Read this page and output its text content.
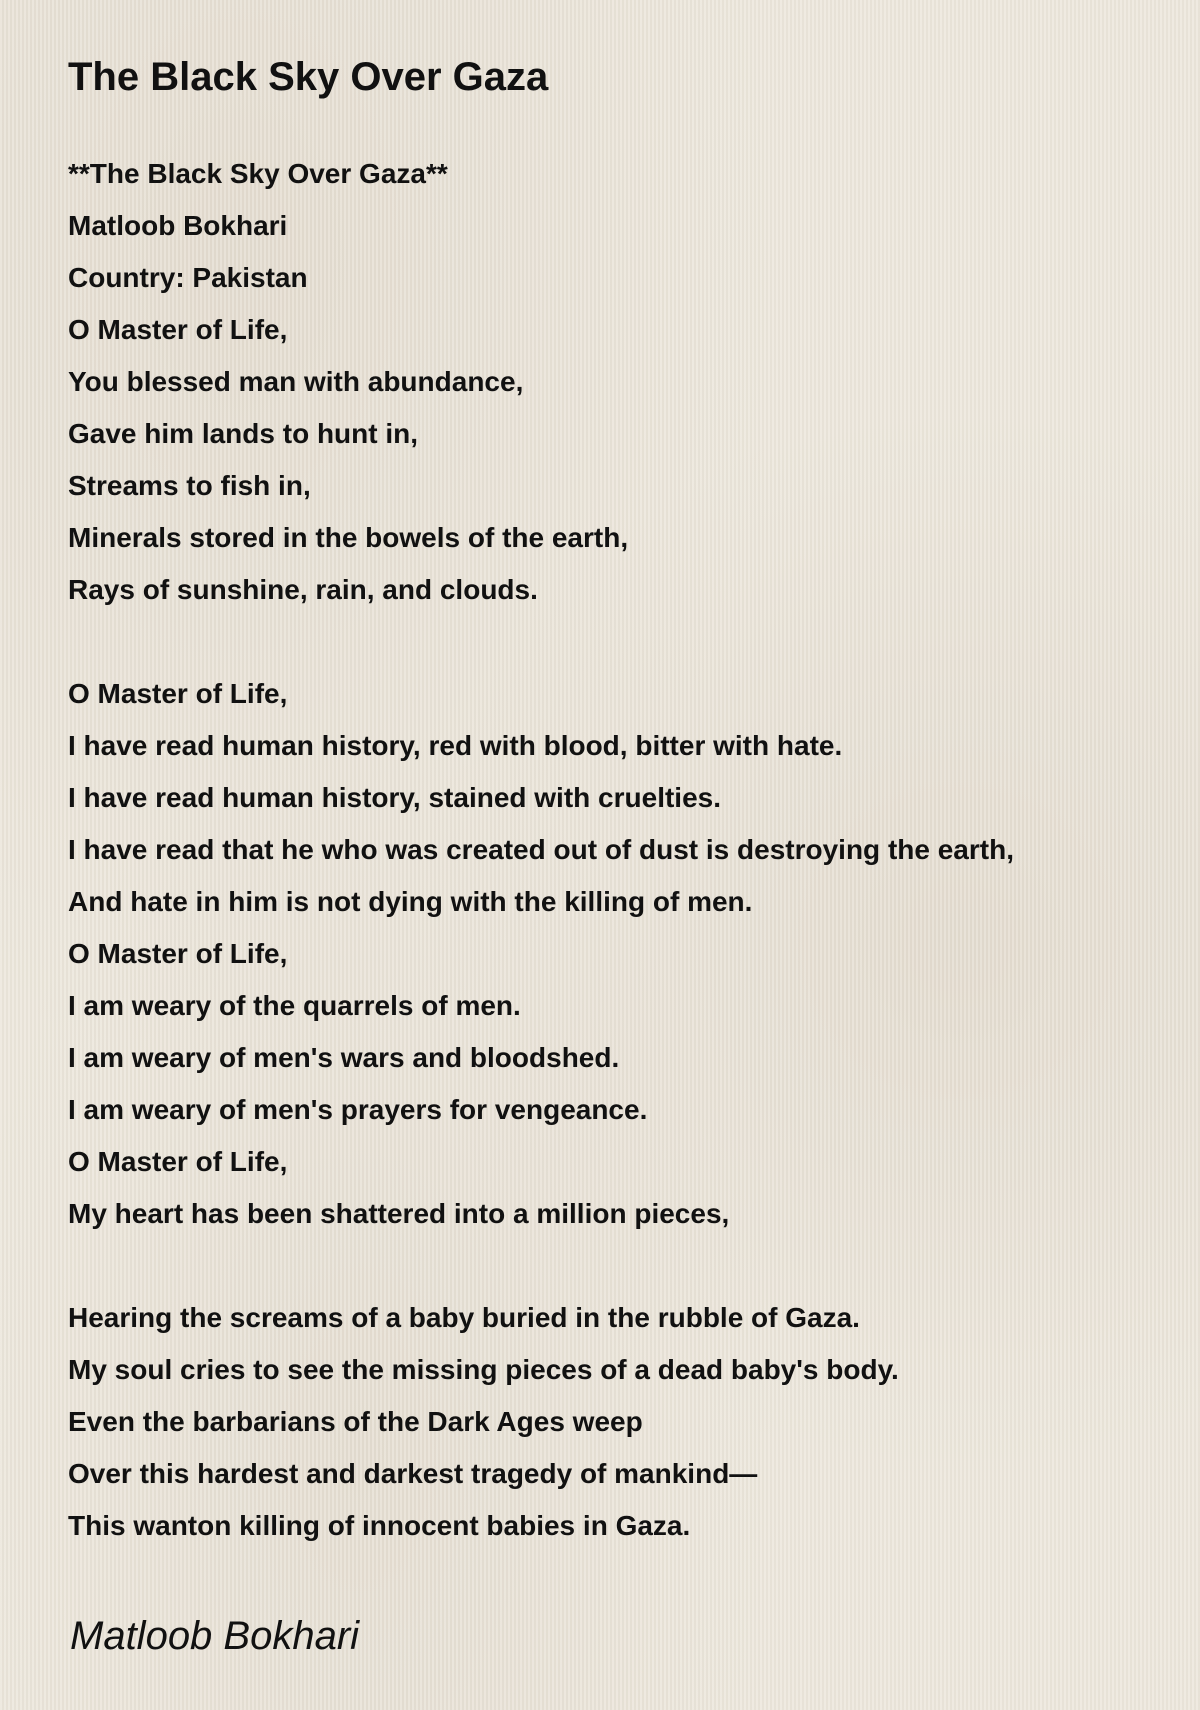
The Black Sky Over Gaza
**The Black Sky Over Gaza**
Matloob Bokhari
Country: Pakistan
O Master of Life,
You blessed man with abundance,
Gave him lands to hunt in,
Streams to fish in,
Minerals stored in the bowels of the earth,
Rays of sunshine, rain, and clouds.
O Master of Life,
I have read human history, red with blood, bitter with hate.
I have read human history, stained with cruelties.
I have read that he who was created out of dust is destroying the earth,
And hate in him is not dying with the killing of men.
O Master of Life,
I am weary of the quarrels of men.
I am weary of men's wars and bloodshed.
I am weary of men's prayers for vengeance.
O Master of Life,
My heart has been shattered into a million pieces,
Hearing the screams of a baby buried in the rubble of Gaza.
My soul cries to see the missing pieces of a dead baby's body.
Even the barbarians of the Dark Ages weep
Over this hardest and darkest tragedy of mankind—
This wanton killing of innocent babies in Gaza.
Matloob Bokhari
